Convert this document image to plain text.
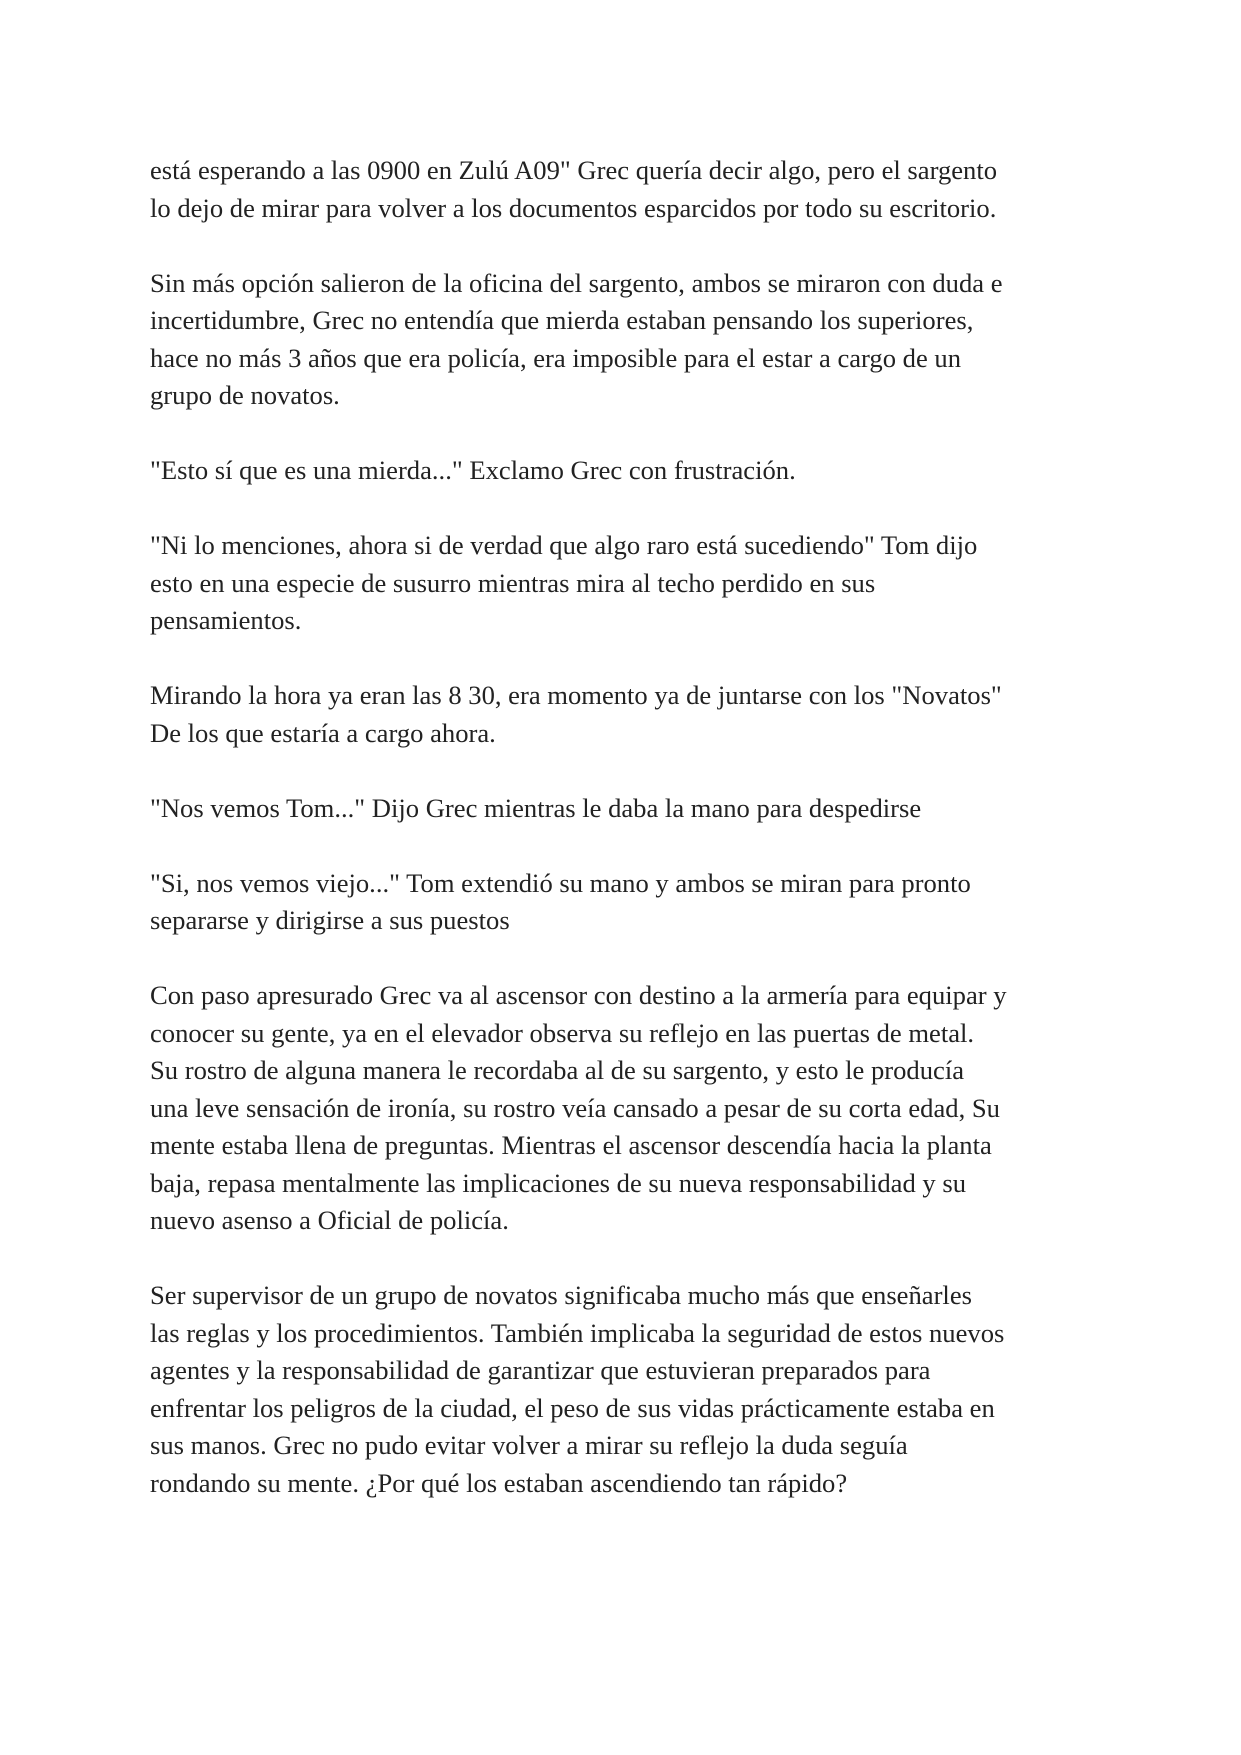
está esperando a las 0900 en Zulú A09" Grec quería decir algo, pero el sargento
lo dejo de mirar para volver a los documentos esparcidos por todo su escritorio.

Sin más opción salieron de la oficina del sargento, ambos se miraron con duda e
incertidumbre, Grec no entendía que mierda estaban pensando los superiores,
hace no más 3 años que era policía, era imposible para el estar a cargo de un
grupo de novatos.

"Esto sí que es una mierda..." Exclamo Grec con frustración.

"Ni lo menciones, ahora si de verdad que algo raro está sucediendo" Tom dijo
esto en una especie de susurro mientras mira al techo perdido en sus
pensamientos.

Mirando la hora ya eran las 8 30, era momento ya de juntarse con los "Novatos"
De los que estaría a cargo ahora.

"Nos vemos Tom..." Dijo Grec mientras le daba la mano para despedirse

"Si, nos vemos viejo..." Tom extendió su mano y ambos se miran para pronto
separarse y dirigirse a sus puestos

Con paso apresurado Grec va al ascensor con destino a la armería para equipar y
conocer su gente, ya en el elevador observa su reflejo en las puertas de metal.
Su rostro de alguna manera le recordaba al de su sargento, y esto le producía
una leve sensación de ironía, su rostro veía cansado a pesar de su corta edad, Su
mente estaba llena de preguntas. Mientras el ascensor descendía hacia la planta
baja, repasa mentalmente las implicaciones de su nueva responsabilidad y su
nuevo asenso a Oficial de policía.

Ser supervisor de un grupo de novatos significaba mucho más que enseñarles
las reglas y los procedimientos. También implicaba la seguridad de estos nuevos
agentes y la responsabilidad de garantizar que estuvieran preparados para
enfrentar los peligros de la ciudad, el peso de sus vidas prácticamente estaba en
sus manos. Grec no pudo evitar volver a mirar su reflejo la duda seguía
rondando su mente. ¿Por qué los estaban ascendiendo tan rápido?
